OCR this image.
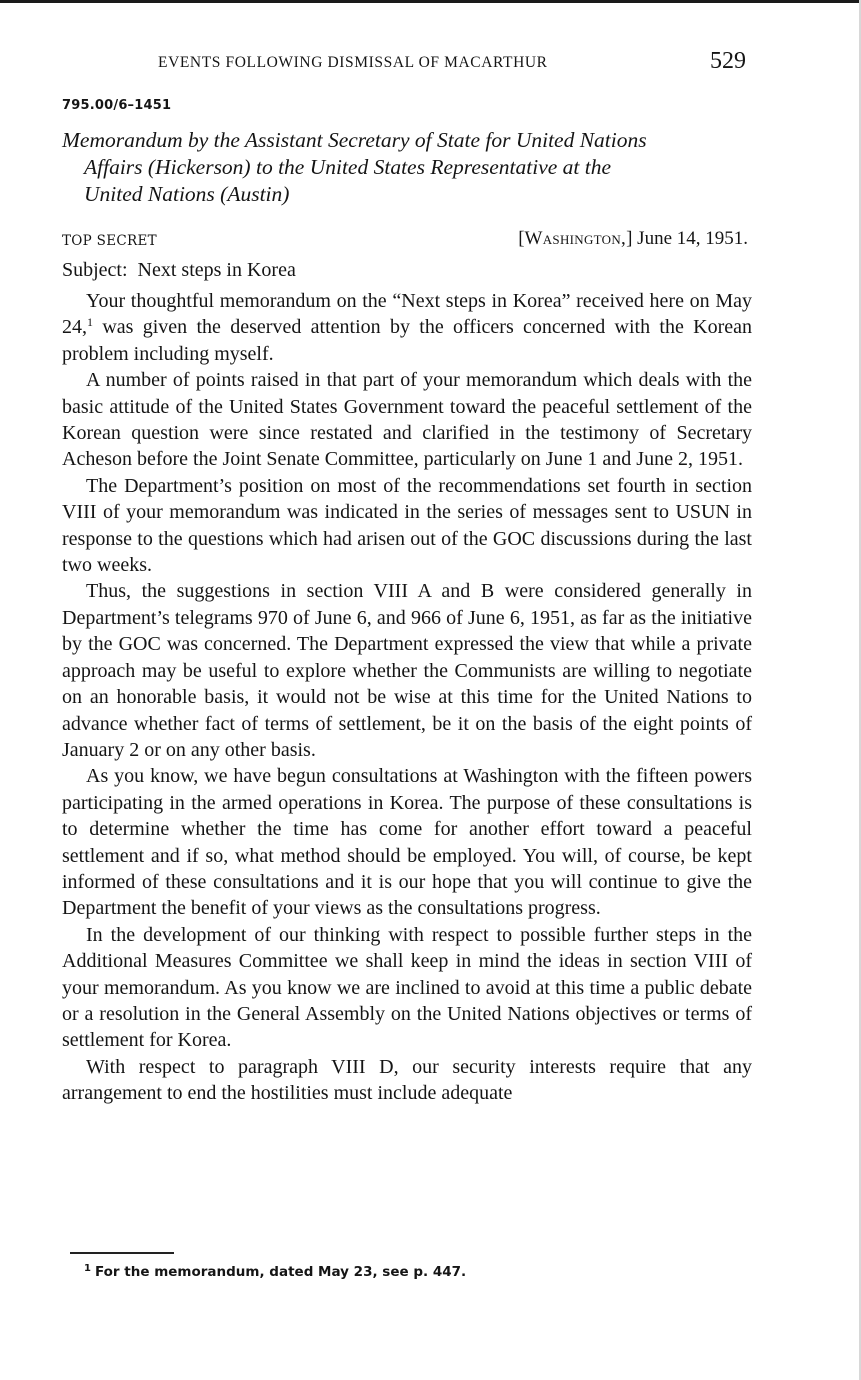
EVENTS FOLLOWING DISMISSAL OF MACARTHUR	529
795.00/6–1451
Memorandum by the Assistant Secretary of State for United Nations
Affairs (Hickerson) to the United States Representative at the
United Nations (Austin)
TOP SECRET	[Washington,] June 14, 1951.
Subject: Next steps in Korea

Your thoughtful memorandum on the “Next steps in Korea” received here on May 24,$^1$ was given the deserved attention by the officers concerned with the Korean problem including myself.

A number of points raised in that part of your memorandum which deals with the basic attitude of the United States Government toward the peaceful settlement of the Korean question were since restated and clarified in the testimony of Secretary Acheson before the Joint Senate Committee, particularly on June 1 and June 2, 1951.

The Department’s position on most of the recommendations set fourth in section VIII of your memorandum was indicated in the series of messages sent to USUN in response to the questions which had arisen out of the GOC discussions during the last two weeks.

Thus, the suggestions in section VIII A and B were considered generally in Department’s telegrams 970 of June 6, and 966 of June 6, 1951, as far as the initiative by the GOC was concerned. The Department expressed the view that while a private approach may be useful to explore whether the Communists are willing to negotiate on an honorable basis, it would not be wise at this time for the United Nations to advance whether fact of terms of settlement, be it on the basis of the eight points of January 2 or on any other basis.

As you know, we have begun consultations at Washington with the fifteen powers participating in the armed operations in Korea. The purpose of these consultations is to determine whether the time has come for another effort toward a peaceful settlement and if so, what method should be employed. You will, of course, be kept informed of these consultations and it is our hope that you will continue to give the Department the benefit of your views as the consultations progress.

In the development of our thinking with respect to possible further steps in the Additional Measures Committee we shall keep in mind the ideas in section VIII of your memorandum. As you know we are inclined to avoid at this time a public debate or a resolution in the General Assembly on the United Nations objectives or terms of settlement for Korea.

With respect to paragraph VIII D, our security interests require that any arrangement to end the hostilities must include adequate

$^1$ For the memorandum, dated May 23, see p. 447.
